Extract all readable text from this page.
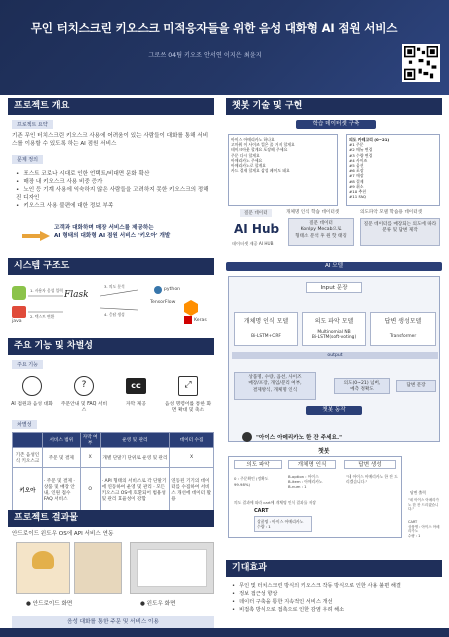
무인 터치스크린 키오스크 미적응자들을 위한 음성 대화형 AI 점원 서비스
그로쓰 04팀 키오조 안서연 이지은 최윤지
프로젝트 개요
프로젝트 요약
기존 무인 터치스크린 키오스크 사용에 어려움이 있는 사람들이 대화를 통해 서비스를 이용할 수 있도록 하는 AI 점원 서비스
문제 정의
• 포스트 코로나 시대로 인한 언택트/비대면 문화 확산
• 매장 내 키오스크 사용 비중 증가
• 노인 등 기계 사용에 익숙하지 않은 사람들을 고려하지 못한 키오스크의 정해진 디자인
• 키오스크 사용 불편에 대한 정보 부족
고객과 대화하며 매장 서비스를 제공하는
AI 형태의 대화형 AI 점원 서비스 '키오아' 개발
시스템 구조도
Flask
python
TensorFlow
Keras
java
1. 사용자 음성 입력
2. 텍스트 변환
3. 의도 분석
4. 응답 생성
주요 기능 및 차별성
주요 기능
?	cc	⤢
AI 점원과 음성 대화	주문안내 및 FAQ 서비스
자막 제공	음성 명령어를 통한 화면 확대 및 축소
차별성
	서비스 범위	자막 여부	운영 및 관리	데이터 수집
기존 음성인식 키오스크	주문 및 결제	X	개별 단말기 단위로 운영 및 관리	X
키오아	· 주문 및 결제 · 상품 및 매장 안내, 인원 접수 FAQ 서비스	O	· API 형태의 서비스로 각 단말기에 연동하여 운영 및 관리 · 모든 키오스크 OS에 호환되어 범용성 및 관리 효율성이 강함	연동된 기기의 데이터를 수집하여 서비스 개선에 데이터 활용
프로젝트 결과물
안드로이드 윈도우 OS에 API 서비스 연동
● 안드로이드 화면	● 윈도우 화면
음성 대화를 통한 주문 및 서비스 이용
챗봇 기술 및 구현
학습 데이터셋 구축
아이스 아메리카노 하나요
고마워 이 사이즈 컵은 줄 거지 할게요
테이크아웃 할게요 포장해 주세요
주문 다시 할게요
아메리카노 주세요
아메리카노로 할게요
카드 결제 할게요 삼성 페이도 돼요
의도 카테고리 (0~21)
#1 주문
#2 메뉴 변경
#3 수량 변경
#4 사이즈
#5 옵션
#6 포장
#7 매장
#8 결제
#9 취소
#10 추천
#11 FAQ
질문 데이터	개체명 인식 학습 데이터셋	의도파악 모델 학습용 데이터셋
AI Hub
데이터셋 제공 AI HUB
질문 데이터
Konlpy Mecab으로
형태소 분석 후 원 핫 태깅
질문 데이터를 매장되는 의도에 따라 분류 및 답변 제작
AI 모델
Input 문장
개체명 인식 모델
Bi-LSTM+CRF
의도 파악 모델
Multinomial NB
Bi-LSTM(soft-voting)
답변 생성모델
Transformer
output
상품명, 수량, 옵션, 사이즈
매장/포장, 개임/분리 여부,
결제방식, 개체명 인식
의도(0~21) 넘버,
예측 정확도
답변 문장
챗봇 동작
"아이스 아메리카노 한 잔 주세요."
챗봇
의도 파악	개체명 인식	답변 생성
0 : 주문확인 (정확도 99.98%)
B-option : 아이스
B-item : 아메리카노
B-num : 1
"네 아이스 아메리카노 한 잔 드리겠습니다."
의도 결과에 따라 cart에 개체명 인식 결과를 저장
CART
상품명 : 아이스 아메리카노
수량 : 1
답변 출력
"네 아이스 아메리카노 한 잔 드리겠습니다."
CART
상품명 : 아이스 아메리카노
수량 : 1
기대효과
• 무인 및 터치스크린 방식의 키오스크 작동 방식으로 인한 사용 불편 해결
• 정보 접근성 향상
• 데이터 구축을 통한 지속적인 서비스 개선
• 비접촉 방식으로 접촉으로 인한 감염 우려 해소
